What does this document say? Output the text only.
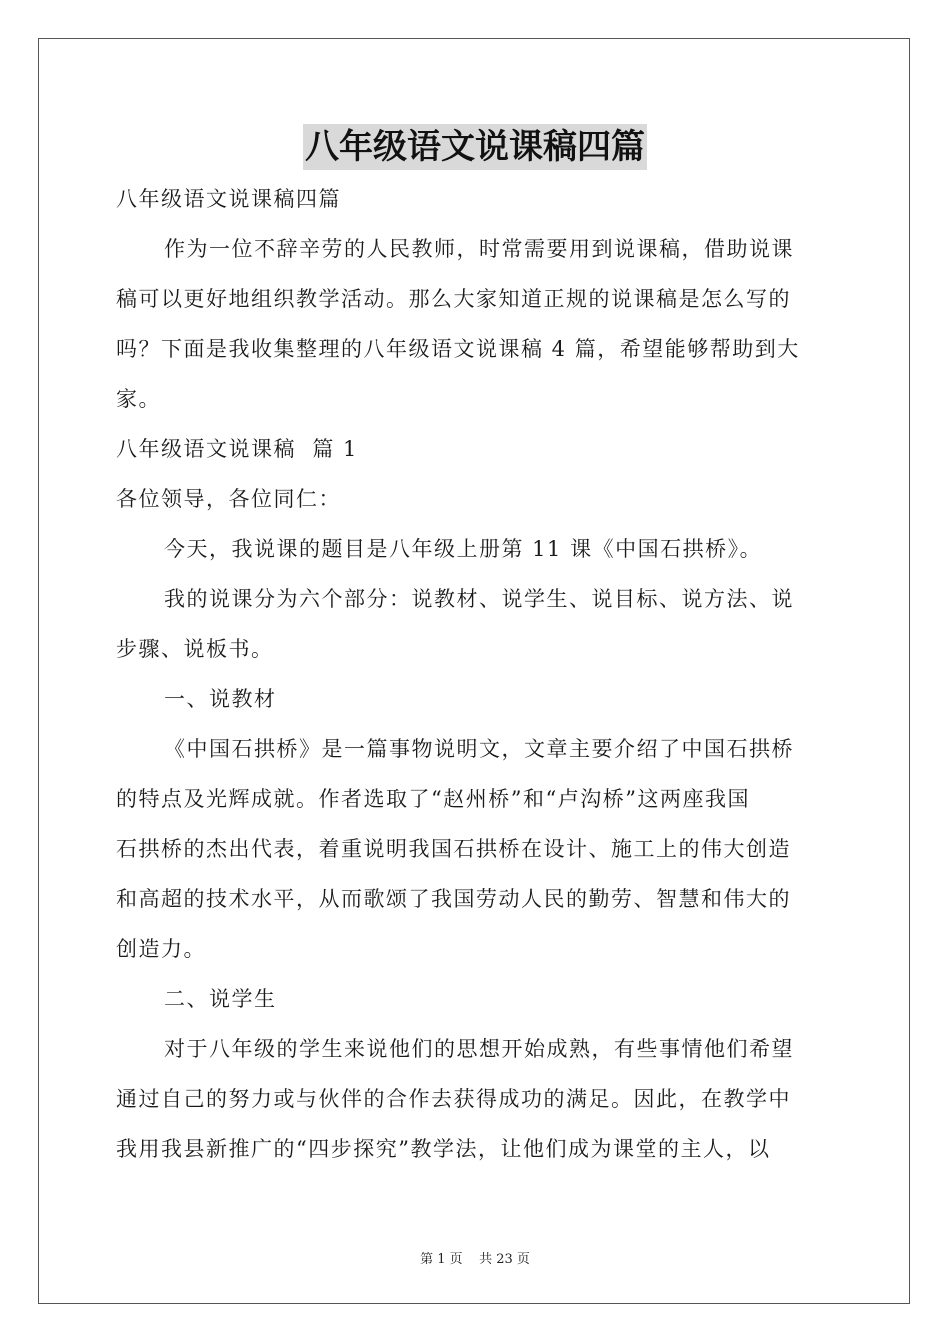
八年级语文说课稿四篇
八年级语文说课稿四篇
作为一位不辞辛劳的人民教师，时常需要用到说课稿，借助说课
稿可以更好地组织教学活动。那么大家知道正规的说课稿是怎么写的
吗？下面是我收集整理的八年级语文说课稿 4 篇，希望能够帮助到大
家。
八年级语文说课稿  篇 1
各位领导，各位同仁：
今天，我说课的题目是八年级上册第 11 课《中国石拱桥》。
我的说课分为六个部分：说教材、说学生、说目标、说方法、说
步骤、说板书。
一、说教材
《中国石拱桥》是一篇事物说明文，文章主要介绍了中国石拱桥
的特点及光辉成就。作者选取了“赵州桥”和“卢沟桥”这两座我国
石拱桥的杰出代表，着重说明我国石拱桥在设计、施工上的伟大创造
和高超的技术水平，从而歌颂了我国劳动人民的勤劳、智慧和伟大的
创造力。
二、说学生
对于八年级的学生来说他们的思想开始成熟，有些事情他们希望
通过自己的努力或与伙伴的合作去获得成功的满足。因此，在教学中
我用我县新推广的“四步探究”教学法，让他们成为课堂的主人，以
第 1 页    共 23 页
